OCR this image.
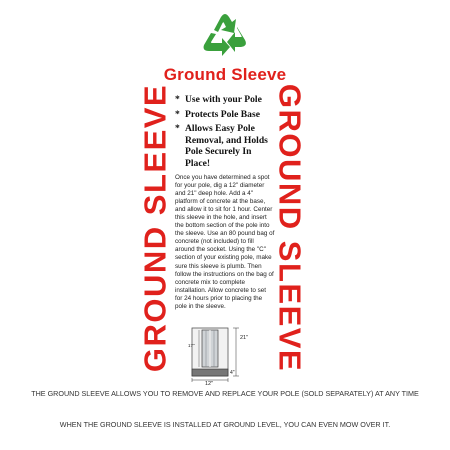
Ground Sleeve
GROUND SLEEVE	GROUND SLEEVE
* Use with your Pole
* Protects Pole Base
* Allows Easy Pole Removal, and Holds Pole Securely In Place!

Once you have determined a spot for your pole, dig a 12" diameter and 21" deep hole. Add a 4" platform of concrete at the base, and allow it to sit for 1 hour. Center this sleeve in the hole, and insert the bottom section of the pole into the sleeve. Use an 80 pound bag of concrete (not included) to fill around the socket. Using the "C" section of your existing pole, make sure this sleeve is plumb. Then follow the instructions on the bag of concrete mix to complete installation. Allow concrete to set for 24 hours prior to placing the pole in the sleeve.

21"
17"
12"
4"

THE GROUND SLEEVE ALLOWS YOU TO REMOVE AND REPLACE YOUR POLE (SOLD SEPARATELY) AT ANY TIME

WHEN THE GROUND SLEEVE IS INSTALLED AT GROUND LEVEL, YOU CAN EVEN MOW OVER IT.
